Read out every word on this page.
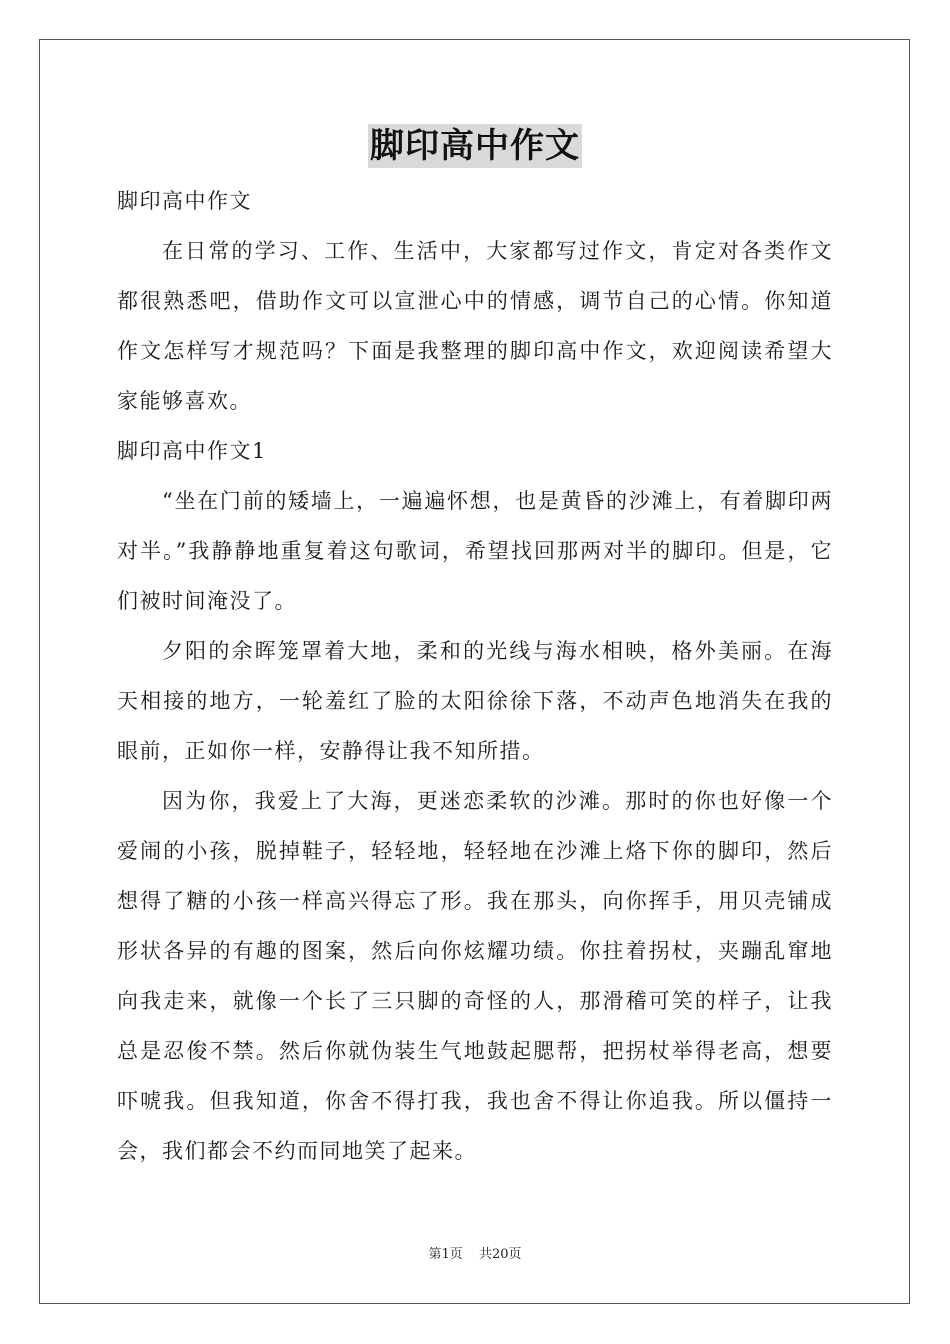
脚印高中作文

脚印高中作文

在日常的学习、工作、生活中，大家都写过作文，肯定对各类作文都很熟悉吧，借助作文可以宣泄心中的情感，调节自己的心情。你知道作文怎样写才规范吗？下面是我整理的脚印高中作文，欢迎阅读希望大家能够喜欢。

脚印高中作文1

“坐在门前的矮墙上，一遍遍怀想，也是黄昏的沙滩上，有着脚印两对半。”我静静地重复着这句歌词，希望找回那两对半的脚印。但是，它们被时间淹没了。

夕阳的余晖笼罩着大地，柔和的光线与海水相映，格外美丽。在海天相接的地方，一轮羞红了脸的太阳徐徐下落，不动声色地消失在我的眼前，正如你一样，安静得让我不知所措。

因为你，我爱上了大海，更迷恋柔软的沙滩。那时的你也好像一个爱闹的小孩，脱掉鞋子，轻轻地，轻轻地在沙滩上烙下你的脚印，然后想得了糖的小孩一样高兴得忘了形。我在那头，向你挥手，用贝壳铺成形状各异的有趣的图案，然后向你炫耀功绩。你拄着拐杖，夹蹦乱窜地向我走来，就像一个长了三只脚的奇怪的人，那滑稽可笑的样子，让我总是忍俊不禁。然后你就伪装生气地鼓起腮帮，把拐杖举得老高，想要吓唬我。但我知道，你舍不得打我，我也舍不得让你追我。所以僵持一会，我们都会不约而同地笑了起来。

第1页 共20页
